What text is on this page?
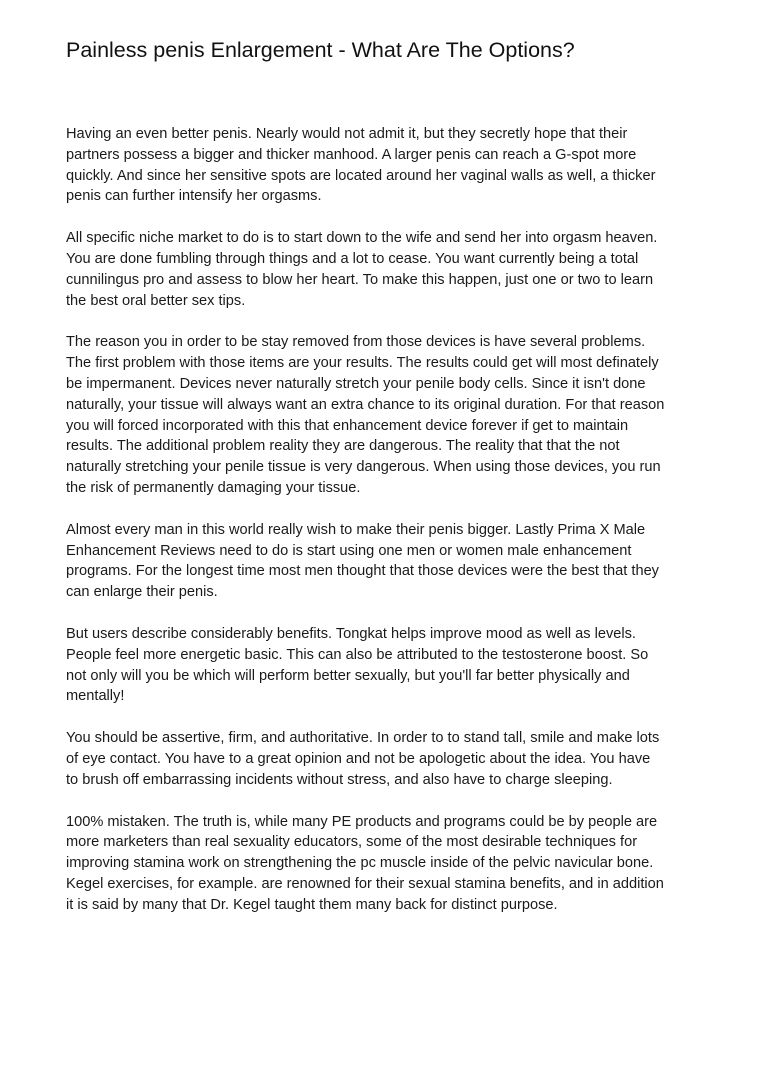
Painless penis Enlargement - What Are The Options?

Having an even better penis. Nearly would not admit it, but they secretly hope that their
partners possess a bigger and thicker manhood. A larger penis can reach a G-spot more
quickly. And since her sensitive spots are located around her vaginal walls as well, a thicker
penis can further intensify her orgasms.

All specific niche market to do is to start down to the wife and send her into orgasm heaven.
You are done fumbling through things and a lot to cease. You want currently being a total
cunnilingus pro and assess to blow her heart. To make this happen, just one or two to learn
the best oral better sex tips.

The reason you in order to be stay removed from those devices is have several problems.
The first problem with those items are your results. The results could get will most definately
be impermanent. Devices never naturally stretch your penile body cells. Since it isn't done
naturally, your tissue will always want an extra chance to its original duration. For that reason
you will forced incorporated with this that enhancement device forever if get to maintain
results. The additional problem reality they are dangerous. The reality that that the not
naturally stretching your penile tissue is very dangerous. When using those devices, you run
the risk of permanently damaging your tissue.

Almost every man in this world really wish to make their penis bigger. Lastly Prima X Male
Enhancement Reviews need to do is start using one men or women male enhancement
programs. For the longest time most men thought that those devices were the best that they
can enlarge their penis.

But users describe considerably benefits. Tongkat helps improve mood as well as levels.
People feel more energetic basic. This can also be attributed to the testosterone boost. So
not only will you be which will perform better sexually, but you'll far better physically and
mentally!

You should be assertive, firm, and authoritative. In order to to stand tall, smile and make lots
of eye contact. You have to a great opinion and not be apologetic about the idea. You have
to brush off embarrassing incidents without stress, and also have to charge sleeping.

100% mistaken. The truth is, while many PE products and programs could be by people are
more marketers than real sexuality educators, some of the most desirable techniques for
improving stamina work on strengthening the pc muscle inside of the pelvic navicular bone.
Kegel exercises, for example. are renowned for their sexual stamina benefits, and in addition
it is said by many that Dr. Kegel taught them many back for distinct purpose.
